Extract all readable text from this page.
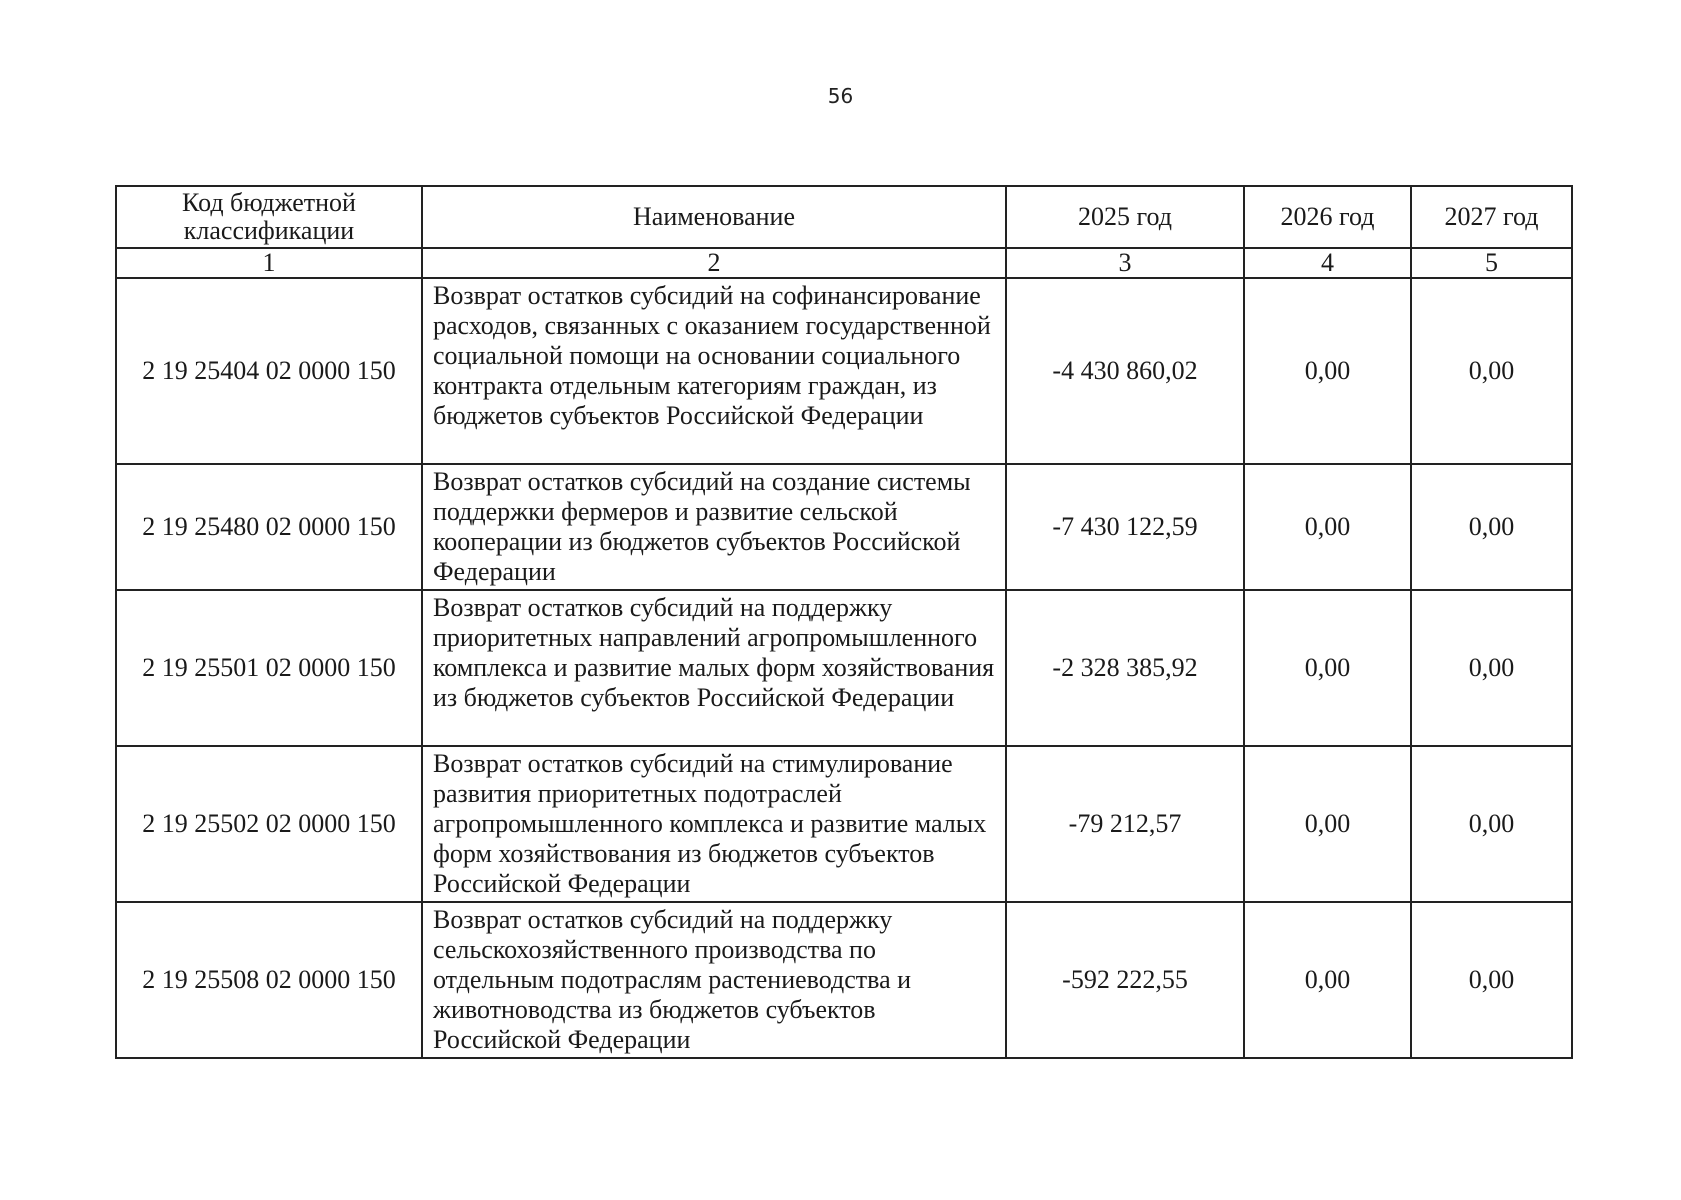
56
Код бюджетной классификации	Наименование	2025 год	2026 год	2027 год
1	2	3	4	5
2 19 25404 02 0000 150	Возврат остатков субсидий на софинансирование расходов, связанных с оказанием государственной социальной помощи на основании социального контракта отдельным категориям граждан, из бюджетов субъектов Российской Федерации	-4 430 860,02	0,00	0,00
2 19 25480 02 0000 150	Возврат остатков субсидий на создание системы поддержки фермеров и развитие сельской кооперации из бюджетов субъектов Российской Федерации	-7 430 122,59	0,00	0,00
2 19 25501 02 0000 150	Возврат остатков субсидий на поддержку приоритетных направлений агропромышленного комплекса и развитие малых форм хозяйствования из бюджетов субъектов Российской Федерации	-2 328 385,92	0,00	0,00
2 19 25502 02 0000 150	Возврат остатков субсидий на стимулирование развития приоритетных подотраслей агропромышленного комплекса и развитие малых форм хозяйствования из бюджетов субъектов Российской Федерации	-79 212,57	0,00	0,00
2 19 25508 02 0000 150	Возврат остатков субсидий на поддержку сельскохозяйственного производства по отдельным подотраслям растениеводства и животноводства из бюджетов субъектов Российской Федерации	-592 222,55	0,00	0,00
